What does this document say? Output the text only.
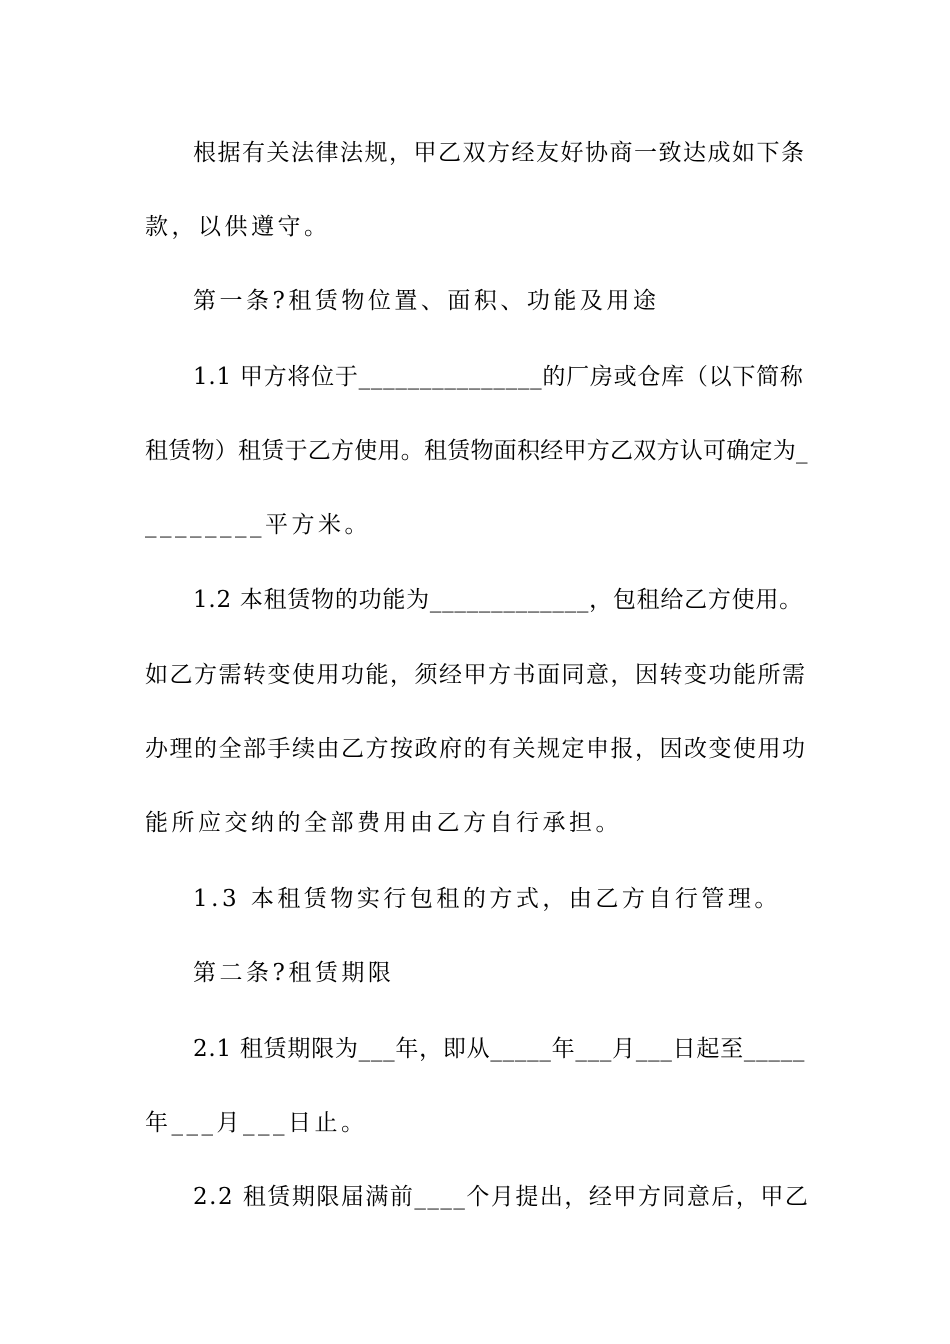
根据有关法律法规，甲乙双方经友好协商一致达成如下条
款，以供遵守。
第一条?租赁物位置、面积、功能及用途
1.1 甲方将位于_______________的厂房或仓库（以下简称
租赁物）租赁于乙方使用。租赁物面积经甲方乙双方认可确定为_
________平方米。
1.2 本租赁物的功能为_____________，包租给乙方使用。
如乙方需转变使用功能，须经甲方书面同意，因转变功能所需
办理的全部手续由乙方按政府的有关规定申报，因改变使用功
能所应交纳的全部费用由乙方自行承担。
1.3 本租赁物实行包租的方式，由乙方自行管理。
第二条?租赁期限
2.1 租赁期限为___年，即从_____年___月___日起至_____
年___月___日止。
2.2 租赁期限届满前____个月提出，经甲方同意后，甲乙
